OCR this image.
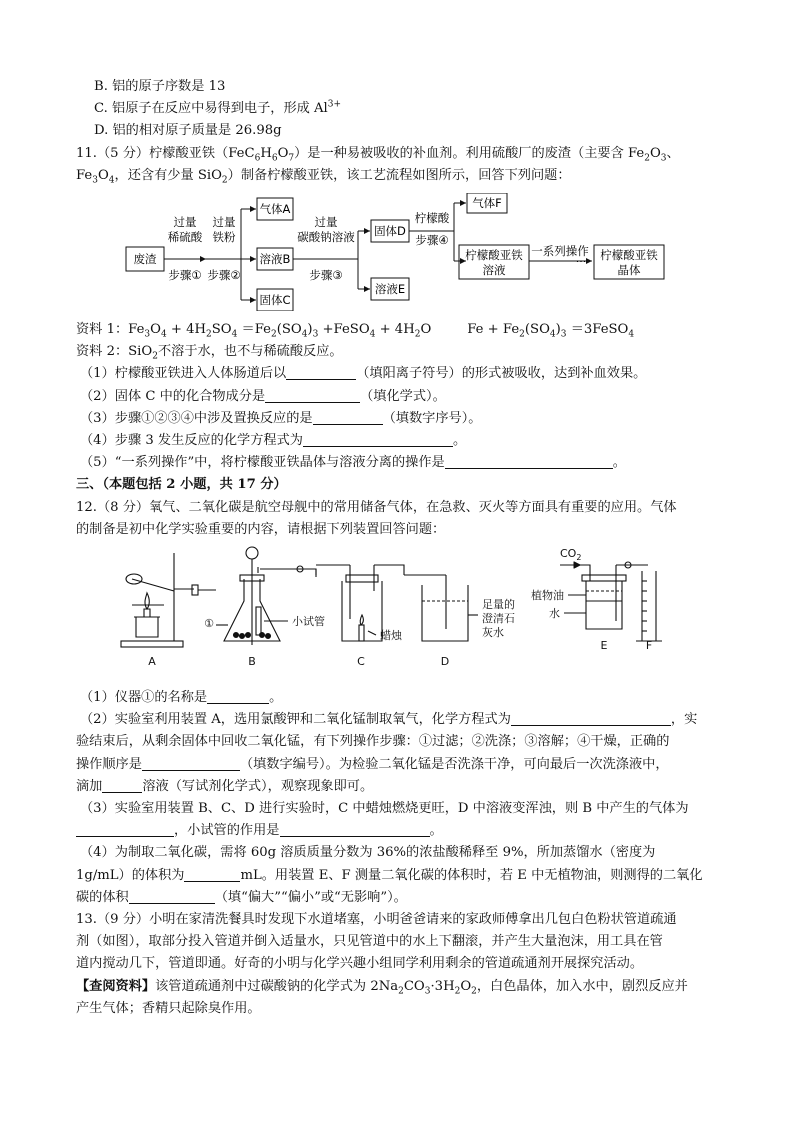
B. 铝的原子序数是 13
C. 铝原子在反应中易得到电子，形成 $Al^{3+}$
D. 铝的相对原子质量是 26.98g
11.（5 分）柠檬酸亚铁$(FeC_6H_6O_7)$是一种易被吸收的补血剂。利用硫酸厂的废渣（主要含 $Fe_2O_3$、
$Fe_3O_4$，还含有少量 SiO$_2$）制备柠檬酸亚铁，该工艺流程如图所示，回答下列问题：
废渣
过量
稀硫酸
步骤①
过量
铁粉
步骤②
气体A
溶液B
固体C
过量
碳酸钠溶液
步骤③
固体D
溶液E
柠檬酸
步骤④
气体F
柠檬酸亚铁
溶液
一系列操作
··· 柠檬酸亚铁
晶体
资料 1：$Fe_3O_4 + 4H_2SO_4 =Fe_2(SO_4)_3$ +FeSO$_4$ + $4H_2O$	$Fe + Fe_2(SO_4)_3$ ＝3FeSO$_4$
资料 2：SiO$_2$不溶于水，也不与稀硫酸反应。
（1）柠檬酸亚铁进入人体肠道后以	（填阳离子符号）的形式被吸收，达到补血效果。
（2）固体 C 中的化合物成分是	（填化学式）。
（3）步骤①②③④中涉及置换反应的是	（填数字序号）。
（4）步骤 3 发生反应的化学方程式为	。
（5）“一系列操作”中，将柠檬酸亚铁晶体与溶液分离的操作是	。
三、（本题包括 2 小题，共 17 分）
12.（8 分）氧气、二氧化碳是航空母舰中的常用储备气体，在急救、灭火等方面具有重要的应用。气体
的制备是初中化学实验重要的内容，请根据下列装置回答问题：
A
①	小试管
B
蜡烛
C
足量的
澄清石
灰水
D
$CO_2$
植物油
水
E	F
（1）仪器①的名称是	。
（2）实验室利用装置 A，选用氯酸钾和二氧化锰制取氧气，化学方程式为	，实
验结束后，从剩余固体中回收二氧化锰，有下列操作步骤：①过滤；②洗涤；③溶解；④干燥，正确的
操作顺序是	（填数字编号）。为检验二氧化锰是否洗涤干净，可向最后一次洗涤液中，
滴加	溶液（写试剂化学式），观察现象即可。
（3）实验室用装置 B、C、D 进行实验时，C 中蜡烛燃烧更旺，D 中溶液变浑浊，则 B 中产生的气体为
，小试管的作用是	。
（4）为制取二氧化碳，需将 60g 溶质质量分数为 36%的浓盐酸稀释至 9%，所加蒸馏水（密度为
1g/mL）的体积为	mL。用装置 E、F 测量二氧化碳的体积时，若 E 中无植物油，则测得的二氧化
碳的体积	（填“偏大”“偏小”或“无影响”）。
13.（9 分）小明在家清洗餐具时发现下水道堵塞，小明爸爸请来的家政师傅拿出几包白色粉状管道疏通
剂（如图），取部分投入管道并倒入适量水，只见管道中的水上下翻滚，并产生大量泡沫，用工具在管
道内搅动几下，管道即通。好奇的小明与化学兴趣小组同学利用剩余的管道疏通剂开展探究活动。
【查阅资料】该管道疏通剂中过碳酸钠的化学式为 $2Na_2CO_3\cdot 3H_2O_2$，白色晶体，加入水中，剧烈反应并
产生气体；香精只起除臭作用。
